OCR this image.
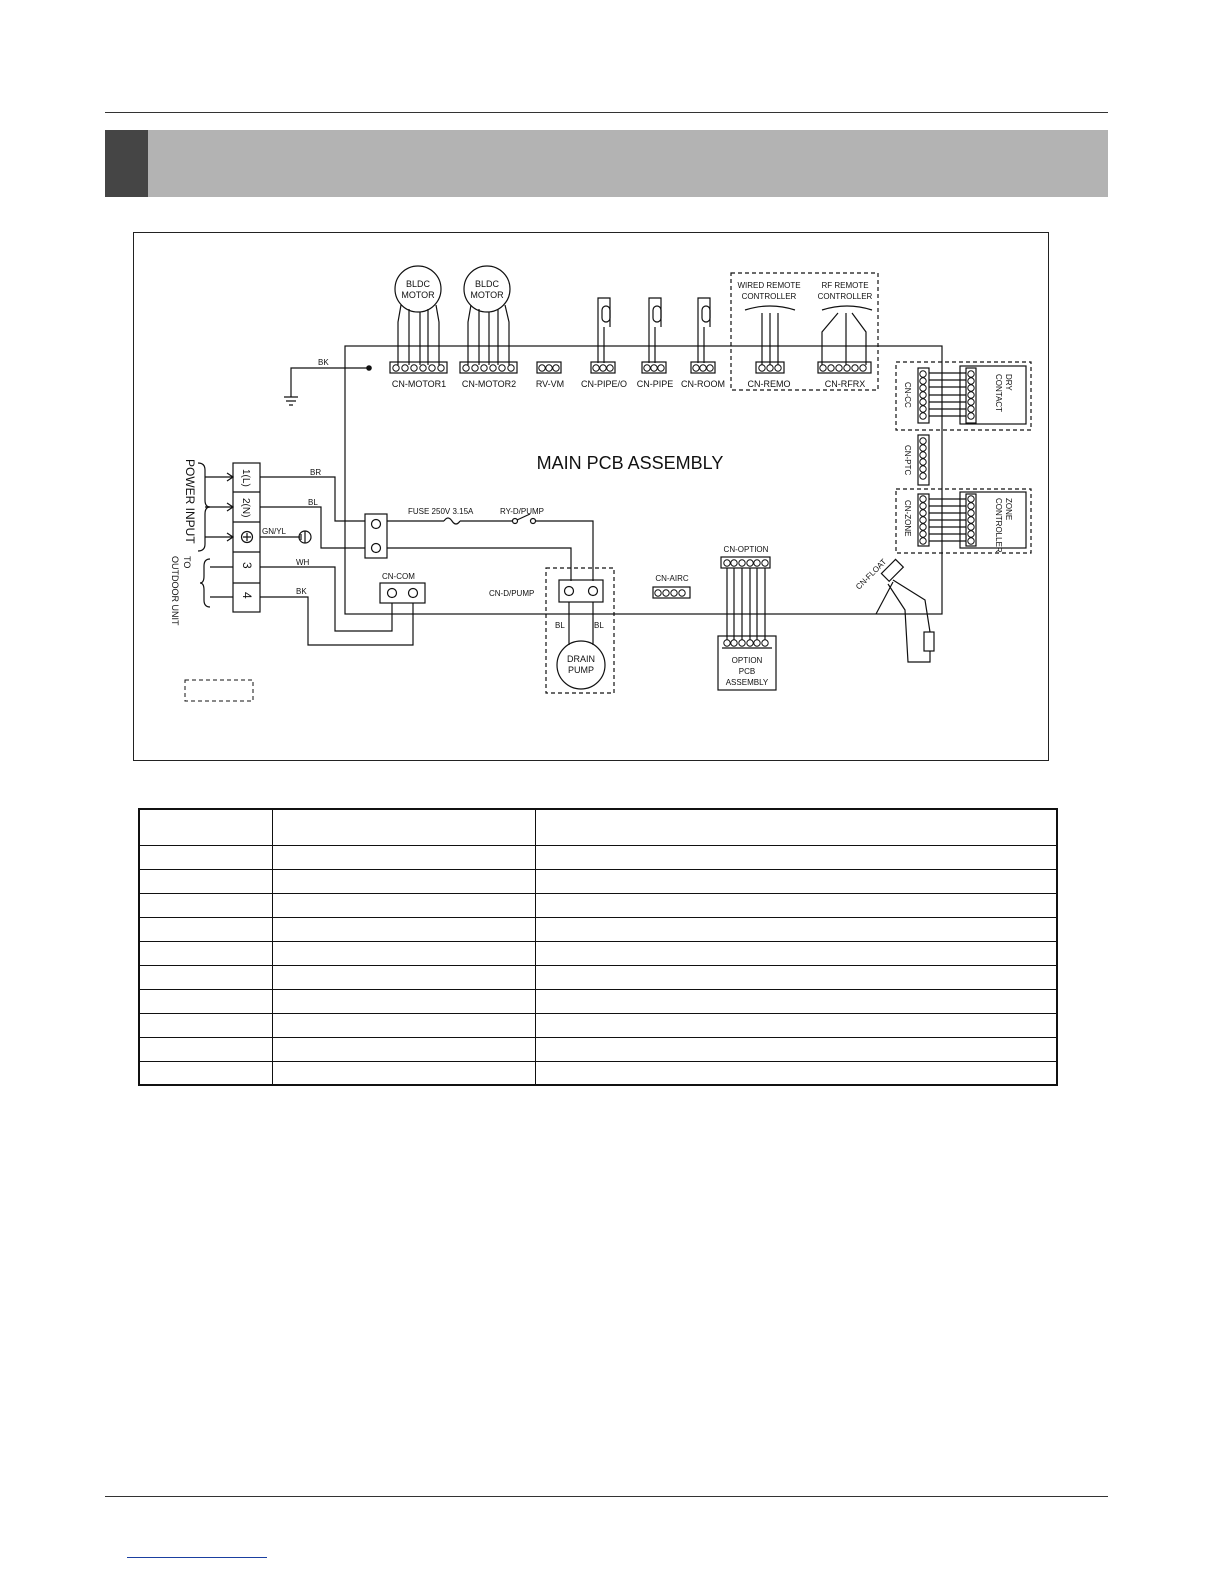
MAIN PCB ASSEMBLY
BLDC
MOTOR
BLDC
MOTOR
CN-MOTOR1 CN-MOTOR2 RV-VM CN-PIPE/O CN-PIPE CN-ROOM
WIRED REMOTE
CONTROLLER
CN-REMO
RF REMOTE
CONTROLLER
CN-RFRX
BK
POWER INPUT
TO
OUTDOOR UNIT
1(L)
2(N)
3
4
BR
BL
GN/YL
WH
BK
FUSE 250V 3.15A	RY-D/PUMP
CN-COM
CN-D/PUMP
BL	BL
DRAIN
PUMP
CN-AIRC
CN-OPTION
OPTION
PCB
ASSEMBLY
CN-CC	DRY
CONTACT
CN-PTC
CN-ZONE	ZONE
CONTROLLER
CN-FLOAT
